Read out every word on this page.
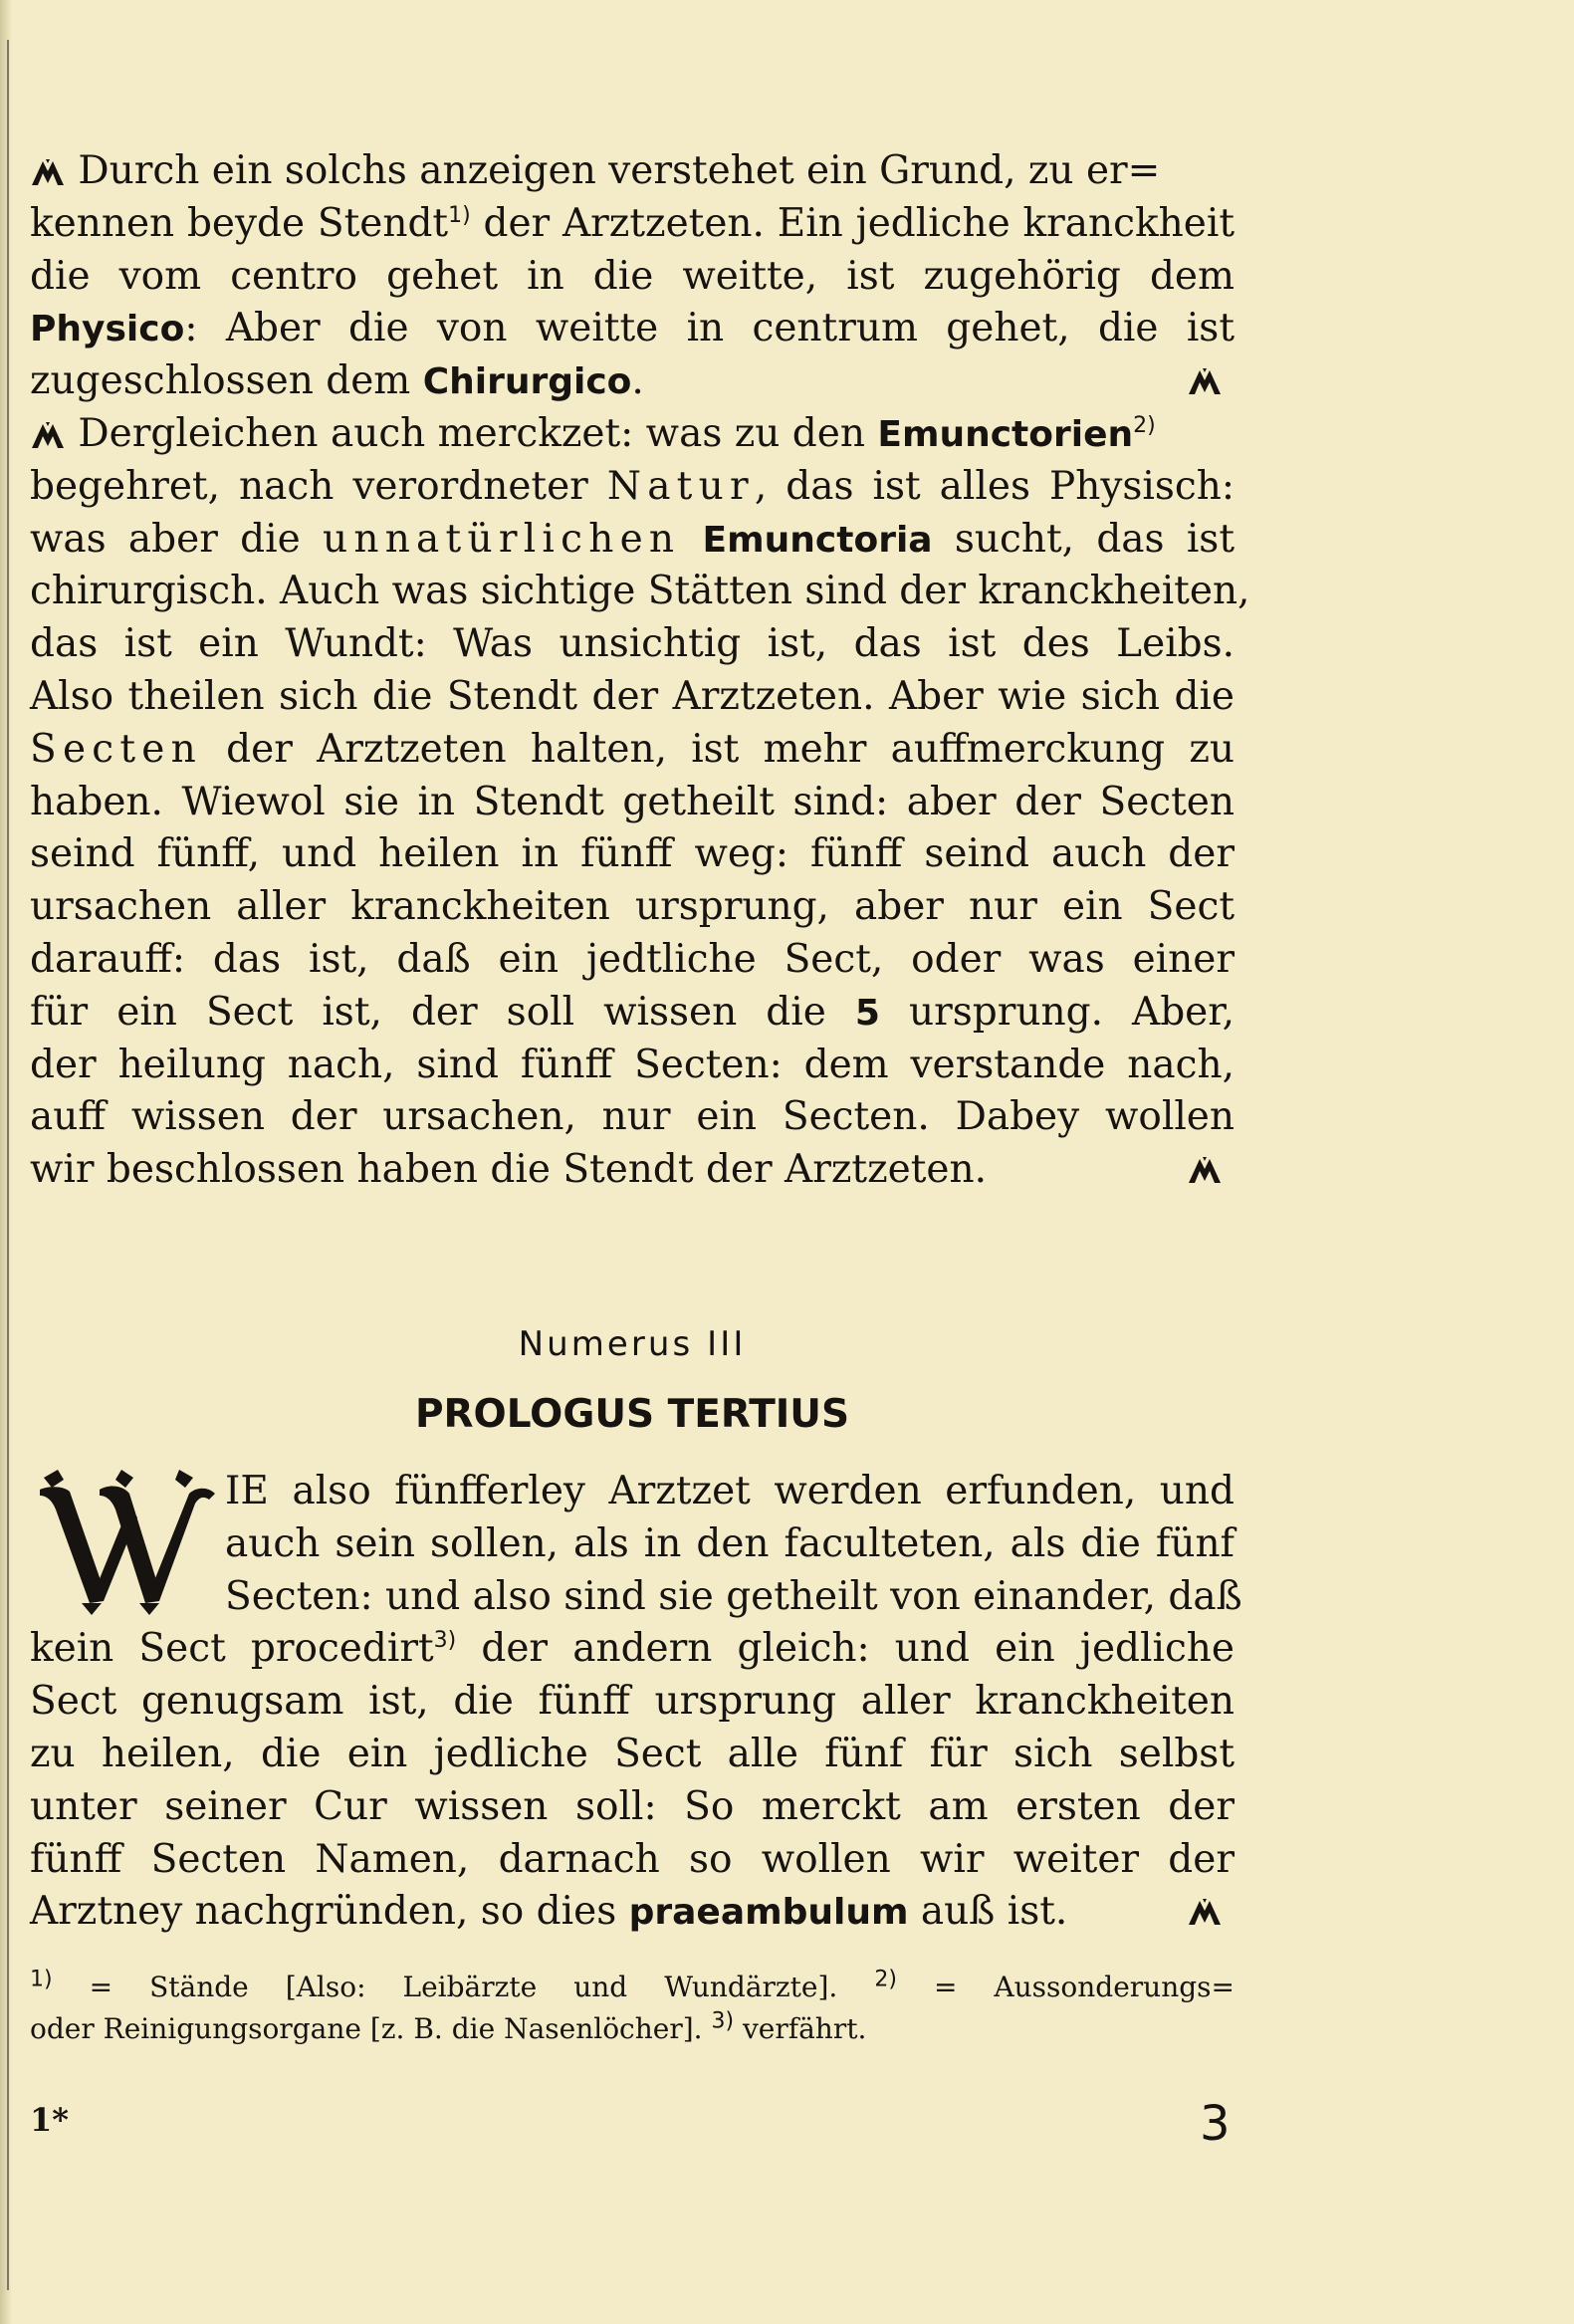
Durch ein solchs anzeigen verstehet ein Grund, zu er=
kennen beyde Stendt$^{1)}$ der Arztzeten. Ein jedliche kranckheit
die vom centro gehet in die weitte, ist zugehörig dem
Physico: Aber die von weitte in centrum gehet, die ist
zugeschlossen dem Chirurgico.
Dergleichen auch merckzet: was zu den Emunctorien$^{2)}$
begehret, nach verordneter Natur, das ist alles Physisch:
was aber die unnatürlichen Emunctoria sucht, das ist
chirurgisch. Auch was sichtige Stätten sind der kranckheiten,
das ist ein Wundt: Was unsichtig ist, das ist des Leibs.
Also theilen sich die Stendt der Arztzeten. Aber wie sich die
Secten der Arztzeten halten, ist mehr auffmerckung zu
haben. Wiewol sie in Stendt getheilt sind: aber der Secten
seind fünff, und heilen in fünff weg: fünff seind auch der
ursachen aller kranckheiten ursprung, aber nur ein Sect
darauff: das ist, daß ein jedtliche Sect, oder was einer
für ein Sect ist, der soll wissen die 5 ursprung. Aber,
der heilung nach, sind fünff Secten: dem verstande nach,
auff wissen der ursachen, nur ein Secten. Dabey wollen
wir beschlossen haben die Stendt der Arztzeten.
Numerus III
PROLOGUS TERTIUS
IE also fünfferley Arztzet werden erfunden, und
auch sein sollen, als in den faculteten, als die fünf
Secten: und also sind sie getheilt von einander, daß
kein Sect procedirt$^{3)}$ der andern gleich: und ein jedliche
Sect genugsam ist, die fünff ursprung aller kranckheiten
zu heilen, die ein jedliche Sect alle fünf für sich selbst
unter seiner Cur wissen soll: So merckt am ersten der
fünff Secten Namen, darnach so wollen wir weiter der
Arztney nachgründen, so dies praeambulum auß ist.
$^{1)}$ = Stände [Also: Leibärzte und Wundärzte]. $^{2)}$ = Aussonderungs=
oder Reinigungsorgane [z. B. die Nasenlöcher]. $^{3)}$ verfährt.
1*	3
